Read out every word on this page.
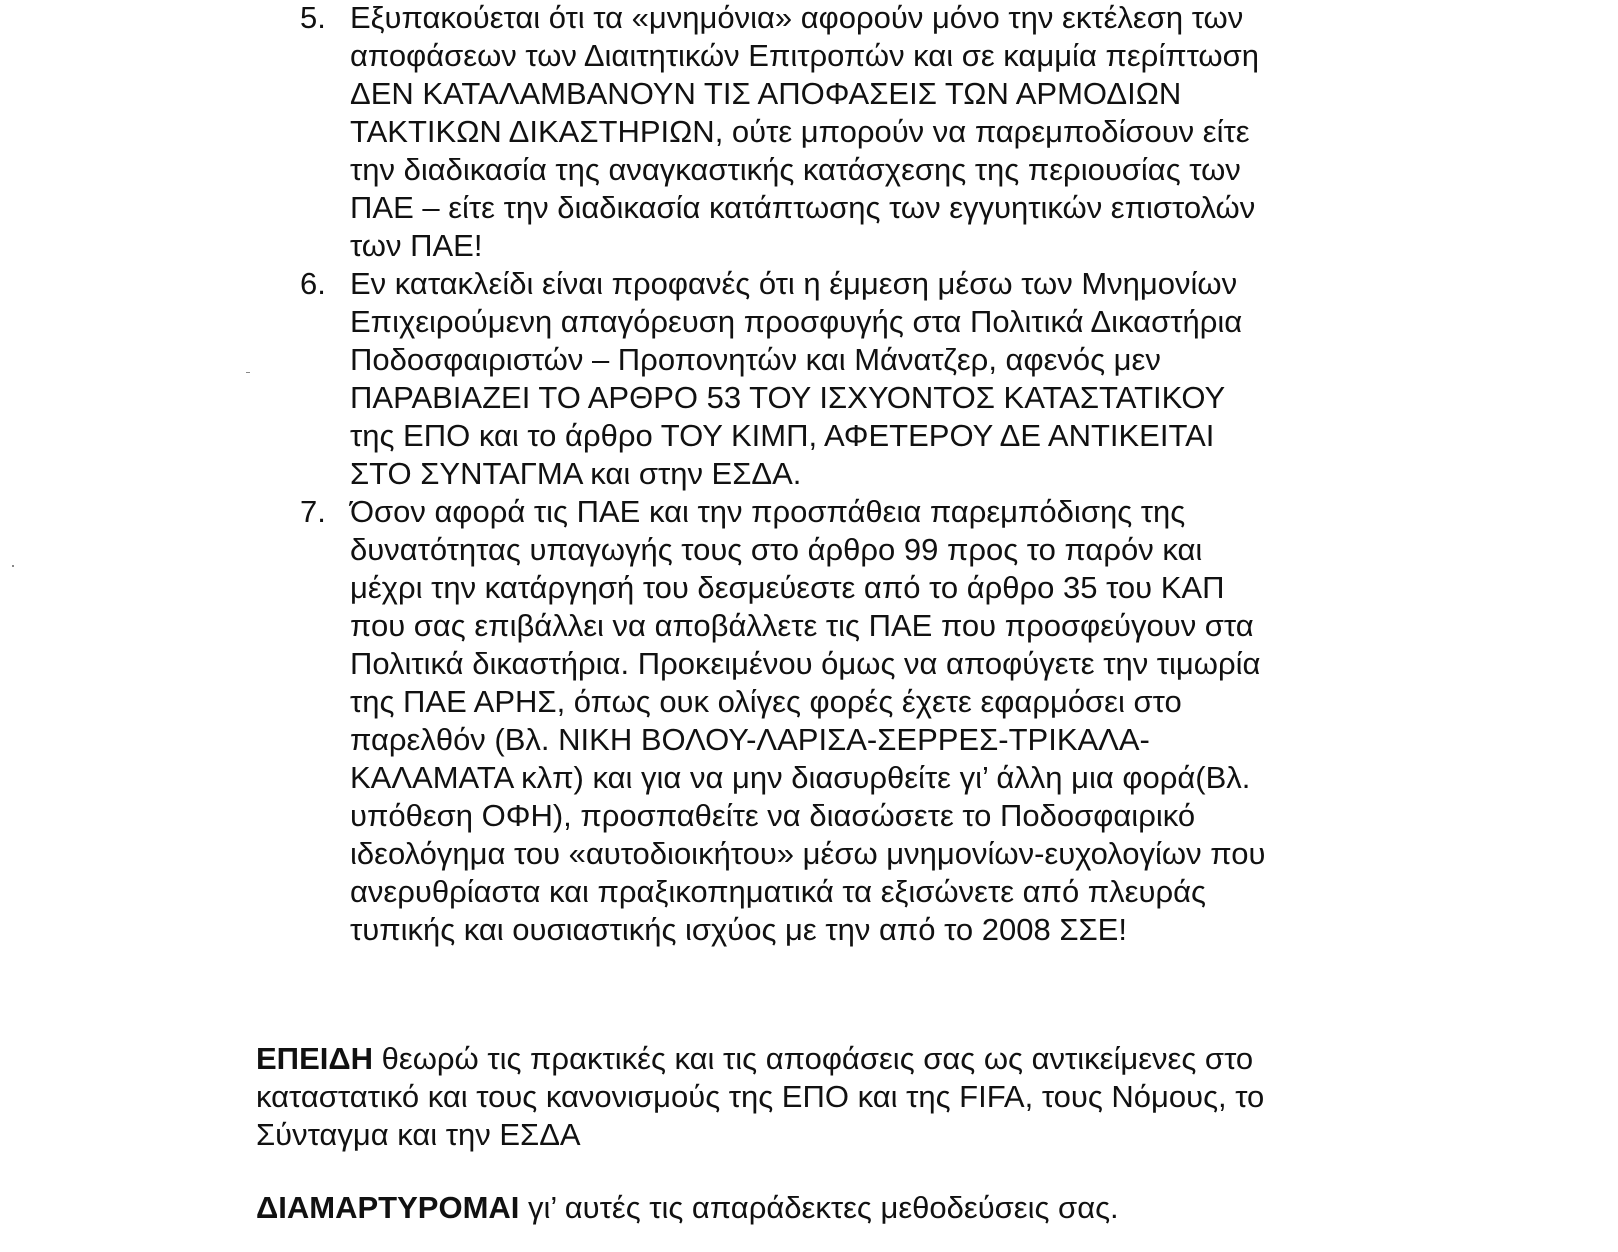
5. Εξυπακούεται ότι τα «μνημόνια» αφορούν μόνο την εκτέλεση των
αποφάσεων των Διαιτητικών Επιτροπών και σε καμμία περίπτωση
ΔΕΝ ΚΑΤΑΛΑΜΒΑΝΟΥΝ ΤΙΣ ΑΠΟΦΑΣΕΙΣ ΤΩΝ ΑΡΜΟΔΙΩΝ
ΤΑΚΤΙΚΩΝ ΔΙΚΑΣΤΗΡΙΩΝ, ούτε μπορούν να παρεμποδίσουν είτε
την διαδικασία της αναγκαστικής κατάσχεσης της περιουσίας των
ΠΑΕ – είτε την διαδικασία κατάπτωσης των εγγυητικών επιστολών
των ΠΑΕ!
6. Εν κατακλείδι είναι προφανές ότι η έμμεση μέσω των Μνημονίων
Επιχειρούμενη απαγόρευση προσφυγής στα Πολιτικά Δικαστήρια
Ποδοσφαιριστών – Προπονητών και Μάνατζερ, αφενός μεν
ΠΑΡΑΒΙΑΖΕΙ ΤΟ ΑΡΘΡΟ 53 ΤΟΥ ΙΣΧΥΟΝΤΟΣ ΚΑΤΑΣΤΑΤΙΚΟΥ
της ΕΠΟ και το άρθρο ΤΟΥ ΚΙΜΠ, ΑΦΕΤΕΡΟΥ ΔΕ ΑΝΤΙΚΕΙΤΑΙ
ΣΤΟ ΣΥΝΤΑΓΜΑ και στην ΕΣΔΑ.
7. Όσον αφορά τις ΠΑΕ και την προσπάθεια παρεμπόδισης της
δυνατότητας υπαγωγής τους στο άρθρο 99 προς το παρόν και
μέχρι την κατάργησή του δεσμεύεστε από το άρθρο 35 του ΚΑΠ
που σας επιβάλλει να αποβάλλετε τις ΠΑΕ που προσφεύγουν στα
Πολιτικά δικαστήρια. Προκειμένου όμως να αποφύγετε την τιμωρία
της ΠΑΕ ΑΡΗΣ, όπως ουκ ολίγες φορές έχετε εφαρμόσει στο
παρελθόν (Βλ. ΝΙΚΗ ΒΟΛΟΥ-ΛΑΡΙΣΑ-ΣΕΡΡΕΣ-ΤΡΙΚΑΛΑ-
ΚΑΛΑΜΑΤΑ κλπ) και για να μην διασυρθείτε γι’ άλλη μια φορά(Βλ.
υπόθεση ΟΦΗ), προσπαθείτε να διασώσετε το Ποδοσφαιρικό
ιδεολόγημα του «αυτοδιοικήτου» μέσω μνημονίων-ευχολογίων που
ανερυθρίαστα και πραξικοπηματικά τα εξισώνετε από πλευράς
τυπικής και ουσιαστικής ισχύος με την από το 2008 ΣΣΕ!
ΕΠΕΙΔΗ θεωρώ τις πρακτικές και τις αποφάσεις σας ως αντικείμενες στο
καταστατικό και τους κανονισμούς της ΕΠΟ και της FIFA, τους Νόμους, το
Σύνταγμα και την ΕΣΔΑ
ΔΙΑΜΑΡΤΥΡΟΜΑΙ γι’ αυτές τις απαράδεκτες μεθοδεύσεις σας.
